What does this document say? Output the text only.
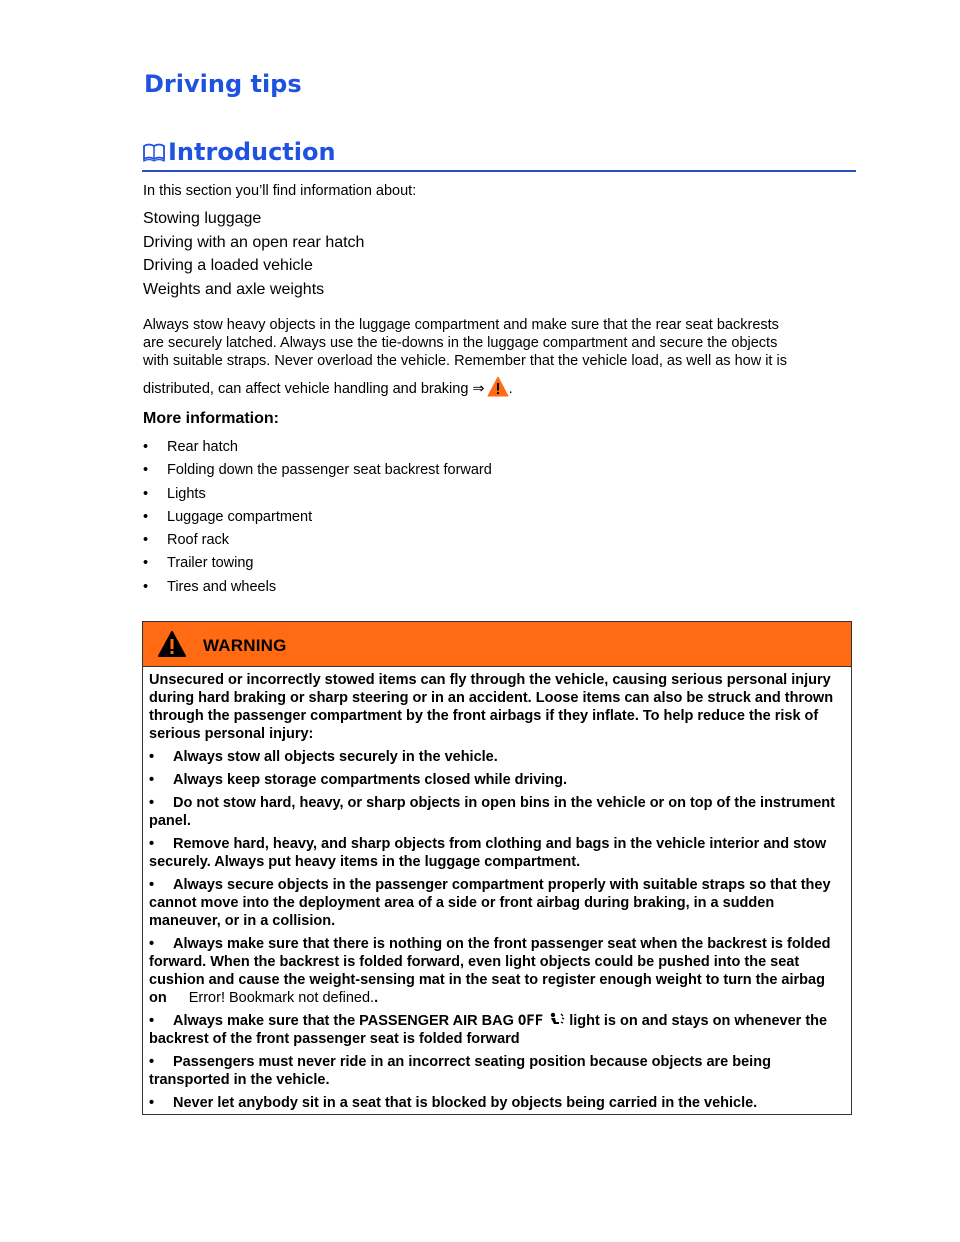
Driving tips
Introduction
In this section you’ll find information about:
Stowing luggage
Driving with an open rear hatch
Driving a loaded vehicle
Weights and axle weights
Always stow heavy objects in the luggage compartment and make sure that the rear seat backrests
are securely latched. Always use the tie-downs in the luggage compartment and secure the objects
with suitable straps. Never overload the vehicle. Remember that the vehicle load, as well as how it is
distributed, can affect vehicle handling and braking ⇒ .
More information:
•	Rear hatch
•	Folding down the passenger seat backrest forward
•	Lights
•	Luggage compartment
•	Roof rack
•	Trailer towing
•	Tires and wheels
WARNING

Unsecured or incorrectly stowed items can fly through the vehicle, causing serious personal injury during hard braking or sharp steering or in an accident. Loose items can also be struck and thrown through the passenger compartment by the front airbags if they inflate. To help reduce the risk of serious personal injury:

• Always stow all objects securely in the vehicle.
• Always keep storage compartments closed while driving.
• Do not stow hard, heavy, or sharp objects in open bins in the vehicle or on top of the instrument panel.
• Remove hard, heavy, and sharp objects from clothing and bags in the vehicle interior and stow securely. Always put heavy items in the luggage compartment.
• Always secure objects in the passenger compartment properly with suitable straps so that they cannot move into the deployment area of a side or front airbag during braking, in a sudden maneuver, or in a collision.
• Always make sure that there is nothing on the front passenger seat when the backrest is folded forward. When the backrest is folded forward, even light objects could be pushed into the seat cushion and cause the weight-sensing mat in the seat to register enough weight to turn the airbag on Error! Bookmark not defined..
• Always make sure that the PASSENGER AIR BAG OFF light is on and stays on whenever the backrest of the front passenger seat is folded forward
• Passengers must never ride in an incorrect seating position because objects are being transported in the vehicle.
• Never let anybody sit in a seat that is blocked by objects being carried in the vehicle.
